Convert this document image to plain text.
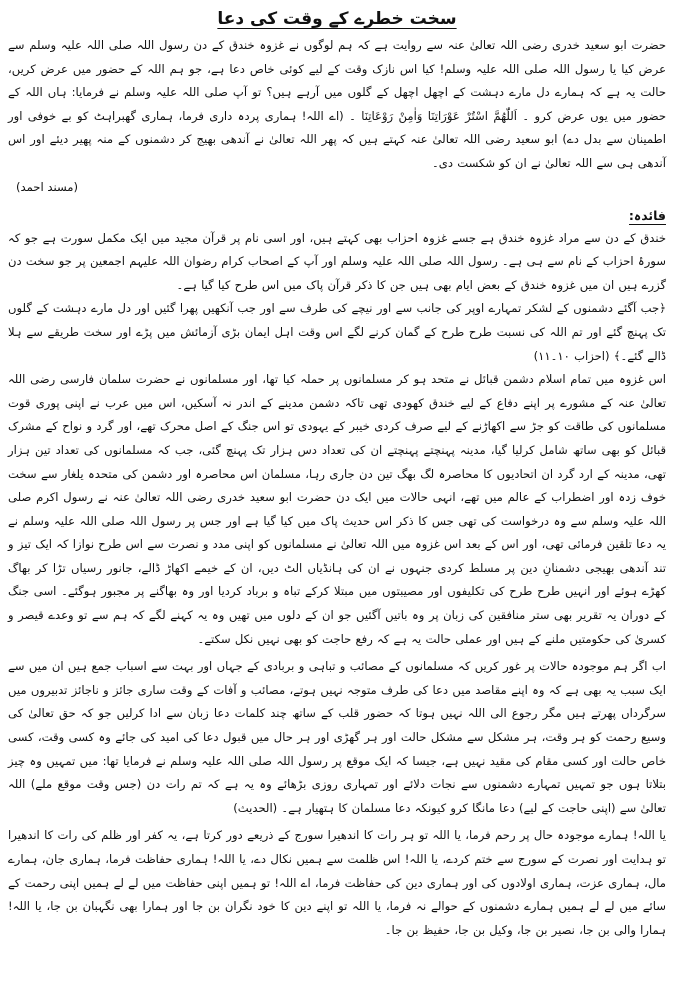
سخت خطرے کے وقت کی دعا

حضرت ابو سعید خدری رضی اللہ تعالیٰ عنہ سے روایت ہے کہ ہم لوگوں نے غزوہ خندق کے دن رسول اللہ صلی اللہ علیہ وسلم سے عرض کیا یا رسول اللہ صلی اللہ علیہ وسلم! کیا اس نازک وقت کے لیے کوئی خاص دعا ہے، جو ہم اللہ کے حضور میں عرض کریں، حالت یہ ہے کہ ہمارے دل مارے دہشت کے اچھل اچھل کے گلوں میں آرہے ہیں؟ تو آپ صلی اللہ علیہ وسلم نے فرمایا: ہاں اللہ کے حضور میں یوں عرض کرو ۔ اَللّٰھُمَّ اسْتُرْ عَوْرَاتِنَا وَاٰمِنْ رَوْعَاتِنَا ۔ (اے اللہ! ہماری پردہ داری فرما، ہماری گھبراہٹ کو بے خوفی اور اطمینان سے بدل دے) ابو سعید رضی اللہ تعالیٰ عنہ کہتے ہیں کہ پھر اللہ تعالیٰ نے آندھی بھیج کر دشمنوں کے منہ پھیر دیئے اور اس آندھی ہی سے اللہ تعالیٰ نے ان کو شکست دی۔

(مسند احمد)

فائدہ:

خندق کے دن سے مراد غزوہ خندق ہے جسے غزوہ احزاب بھی کہتے ہیں، اور اسی نام پر قرآن مجید میں ایک مکمل سورت ہے جو کہ سورۂ احزاب کے نام سے ہی ہے۔ رسول اللہ صلی اللہ علیہ وسلم اور آپ کے اصحاب کرام رضوان اللہ علیہم اجمعین پر جو سخت دن گزرے ہیں ان میں غزوہ خندق کے بعض ایام بھی ہیں جن کا ذکر قرآن پاک میں اس طرح کیا گیا ہے۔

﴿جب آگئے دشمنوں کے لشکر تمہارے اوپر کی جانب سے اور نیچے کی طرف سے اور جب آنکھیں پھرا گئیں اور دل مارے دہشت کے گلوں تک پہنچ گئے اور تم اللہ کی نسبت طرح طرح کے گمان کرنے لگے اس وقت اہل ایمان بڑی آزمائش میں پڑے اور سخت طریقے سے ہلا ڈالے گئے۔﴾ (احزاب ۱۰۔۱۱)

اس غزوہ میں تمام اسلام دشمن قبائل نے متحد ہو کر مسلمانوں پر حملہ کیا تھا، اور مسلمانوں نے حضرت سلمان فارسی رضی اللہ تعالیٰ عنہ کے مشورے پر اپنے دفاع کے لیے خندق کھودی تھی تاکہ دشمن مدینے کے اندر نہ آسکیں، اس میں عرب نے اپنی پوری قوت مسلمانوں کی طاقت کو جڑ سے اکھاڑنے کے لیے صرف کردی خیبر کے یہودی تو اس جنگ کے اصل محرک تھے، اور گرد و نواح کے مشرک قبائل کو بھی ساتھ شامل کرلیا گیا، مدینہ پہنچتے پہنچتے ان کی تعداد دس ہزار تک پہنچ گئی، جب کہ مسلمانوں کی تعداد تین ہزار تھی، مدینہ کے ارد گرد ان اتحادیوں کا محاصرہ لگ بھگ تین دن جاری رہا، مسلمان اس محاصرہ اور دشمن کی متحدہ یلغار سے سخت خوف زدہ اور اضطراب کے عالم میں تھے، انہی حالات میں ایک دن حضرت ابو سعید خدری رضی اللہ تعالیٰ عنہ نے رسول اکرم صلی اللہ علیہ وسلم سے وہ درخواست کی تھی جس کا ذکر اس حدیث پاک میں کیا گیا ہے اور جس پر رسول اللہ صلی اللہ علیہ وسلم نے یہ دعا تلقین فرمائی تھی، اور اس کے بعد اس غزوہ میں اللہ تعالیٰ نے مسلمانوں کو اپنی مدد و نصرت سے اس طرح نوازا کہ ایک تیز و تند آندھی بھیجی دشمنانِ دین پر مسلط کردی جنہوں نے ان کی ہانڈیاں الٹ دیں، ان کے خیمے اکھاڑ ڈالے، جانور رسیاں تڑا کر بھاگ کھڑے ہوئے اور انہیں طرح طرح کی تکلیفوں اور مصیبتوں میں مبتلا کرکے تباہ و برباد کردیا اور وہ بھاگنے پر مجبور ہوگئے۔ اسی جنگ کے دوران یہ تقریر بھی ستر منافقین کی زبان پر وہ باتیں آگئیں جو ان کے دلوں میں تھیں وہ یہ کہنے لگے کہ ہم سے تو وعدے قیصر و کسریٰ کی حکومتیں ملنے کے ہیں اور عملی حالت یہ ہے کہ رفع حاجت کو بھی نہیں نکل سکتے۔

اب اگر ہم موجودہ حالات پر غور کریں کہ مسلمانوں کے مصائب و تباہی و بربادی کے جہاں اور بہت سے اسباب جمع ہیں ان میں سے ایک سبب یہ بھی ہے کہ وہ اپنے مقاصد میں دعا کی طرف متوجہ نہیں ہوتے، مصائب و آفات کے وقت ساری جائز و ناجائز تدبیروں میں سرگرداں پھرتے ہیں مگر رجوع الی اللہ نہیں ہوتا کہ حضور قلب کے ساتھ چند کلمات دعا زبان سے ادا کرلیں جو کہ حق تعالیٰ کی وسیع رحمت کو ہر وقت، ہر مشکل سے مشکل حالت اور ہر گھڑی اور ہر حال میں قبول دعا کی امید کی جائے وہ کسی وقت، کسی خاص حالت اور کسی مقام کی مقید نہیں ہے، جیسا کہ ایک موقع پر رسول اللہ صلی اللہ علیہ وسلم نے فرمایا تھا: میں تمہیں وہ چیز بتلاتا ہوں جو تمہیں تمہارے دشمنوں سے نجات دلائے اور تمہاری روزی بڑھائے وہ یہ ہے کہ تم رات دن (جس وقت موقع ملے) اللہ تعالیٰ سے (اپنی حاجت کے لیے) دعا مانگا کرو کیونکہ دعا مسلمان کا ہتھیار ہے۔ (الحدیث)

یا اللہ! ہمارے موجودہ حال پر رحم فرما، یا اللہ تو ہر رات کا اندھیرا سورج کے ذریعے دور کرتا ہے، یہ کفر اور ظلم کی رات کا اندھیرا تو ہدایت اور نصرت کے سورج سے ختم کردے، یا اللہ! اس ظلمت سے ہمیں نکال دے، یا اللہ! ہماری حفاظت فرما، ہماری جان، ہمارے مال، ہماری عزت، ہماری اولادوں کی اور ہماری دین کی حفاظت فرما، اے اللہ! تو ہمیں اپنی حفاظت میں لے لے ہمیں اپنی رحمت کے سائے میں لے لے ہمیں ہمارے دشمنوں کے حوالے نہ فرما، یا اللہ تو اپنے دین کا خود نگران بن جا اور ہمارا بھی نگہبان بن جا، یا اللہ! ہمارا والی بن جا، نصیر بن جا، وکیل بن جا، حفیظ بن جا۔
